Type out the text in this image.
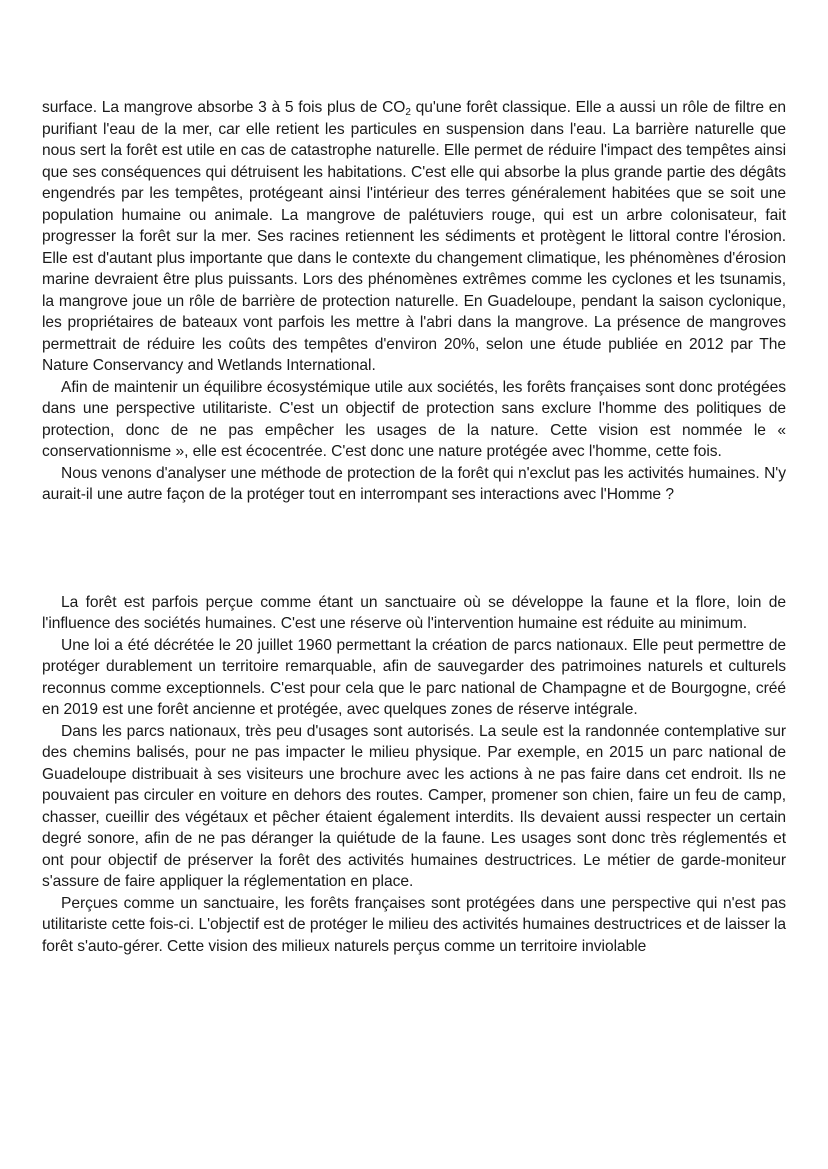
surface. La mangrove absorbe 3 à 5 fois plus de $CO_2$ qu'une forêt classique. Elle a aussi un rôle de filtre en purifiant l'eau de la mer, car elle retient les particules en suspension dans l'eau. La barrière naturelle que nous sert la forêt est utile en cas de catastrophe naturelle. Elle permet de réduire l'impact des tempêtes ainsi que ses conséquences qui détruisent les habitations. C'est elle qui absorbe la plus grande partie des dégâts engendrés par les tempêtes, protégeant ainsi l'intérieur des terres généralement habitées que se soit une population humaine ou animale. La mangrove de palétuviers rouge, qui est un arbre colonisateur, fait progresser la forêt sur la mer. Ses racines retiennent les sédiments et protègent le littoral contre l'érosion. Elle est d'autant plus importante que dans le contexte du changement climatique, les phénomènes d'érosion marine devraient être plus puissants. Lors des phénomènes extrêmes comme les cyclones et les tsunamis, la mangrove joue un rôle de barrière de protection naturelle. En Guadeloupe, pendant la saison cyclonique, les propriétaires de bateaux vont parfois les mettre à l'abri dans la mangrove. La présence de mangroves permettrait de réduire les coûts des tempêtes d'environ 20%, selon une étude publiée en 2012 par The Nature Conservancy and Wetlands International.

Afin de maintenir un équilibre écosystémique utile aux sociétés, les forêts françaises sont donc protégées dans une perspective utilitariste. C'est un objectif de protection sans exclure l'homme des politiques de protection, donc de ne pas empêcher les usages de la nature. Cette vision est nommée le « conservationnisme », elle est écocentrée. C'est donc une nature protégée avec l'homme, cette fois.

Nous venons d'analyser une méthode de protection de la forêt qui n'exclut pas les activités humaines. N'y aurait-il une autre façon de la protéger tout en interrompant ses interactions avec l'Homme ?

La forêt est parfois perçue comme étant un sanctuaire où se développe la faune et la flore, loin de l'influence des sociétés humaines. C'est une réserve où l'intervention humaine est réduite au minimum.

Une loi a été décrétée le 20 juillet 1960 permettant la création de parcs nationaux. Elle peut permettre de protéger durablement un territoire remarquable, afin de sauvegarder des patrimoines naturels et culturels reconnus comme exceptionnels. C'est pour cela que le parc national de Champagne et de Bourgogne, créé en 2019 est une forêt ancienne et protégée, avec quelques zones de réserve intégrale.

Dans les parcs nationaux, très peu d'usages sont autorisés. La seule est la randonnée contemplative sur des chemins balisés, pour ne pas impacter le milieu physique. Par exemple, en 2015 un parc national de Guadeloupe distribuait à ses visiteurs une brochure avec les actions à ne pas faire dans cet endroit. Ils ne pouvaient pas circuler en voiture en dehors des routes. Camper, promener son chien, faire un feu de camp, chasser, cueillir des végétaux et pêcher étaient également interdits. Ils devaient aussi respecter un certain degré sonore, afin de ne pas déranger la quiétude de la faune. Les usages sont donc très réglementés et ont pour objectif de préserver la forêt des activités humaines destructrices. Le métier de garde-moniteur s'assure de faire appliquer la réglementation en place.

Perçues comme un sanctuaire, les forêts françaises sont protégées dans une perspective qui n'est pas utilitariste cette fois-ci. L'objectif est de protéger le milieu des activités humaines destructrices et de laisser la forêt s'auto-gérer. Cette vision des milieux naturels perçus comme un territoire inviolable
